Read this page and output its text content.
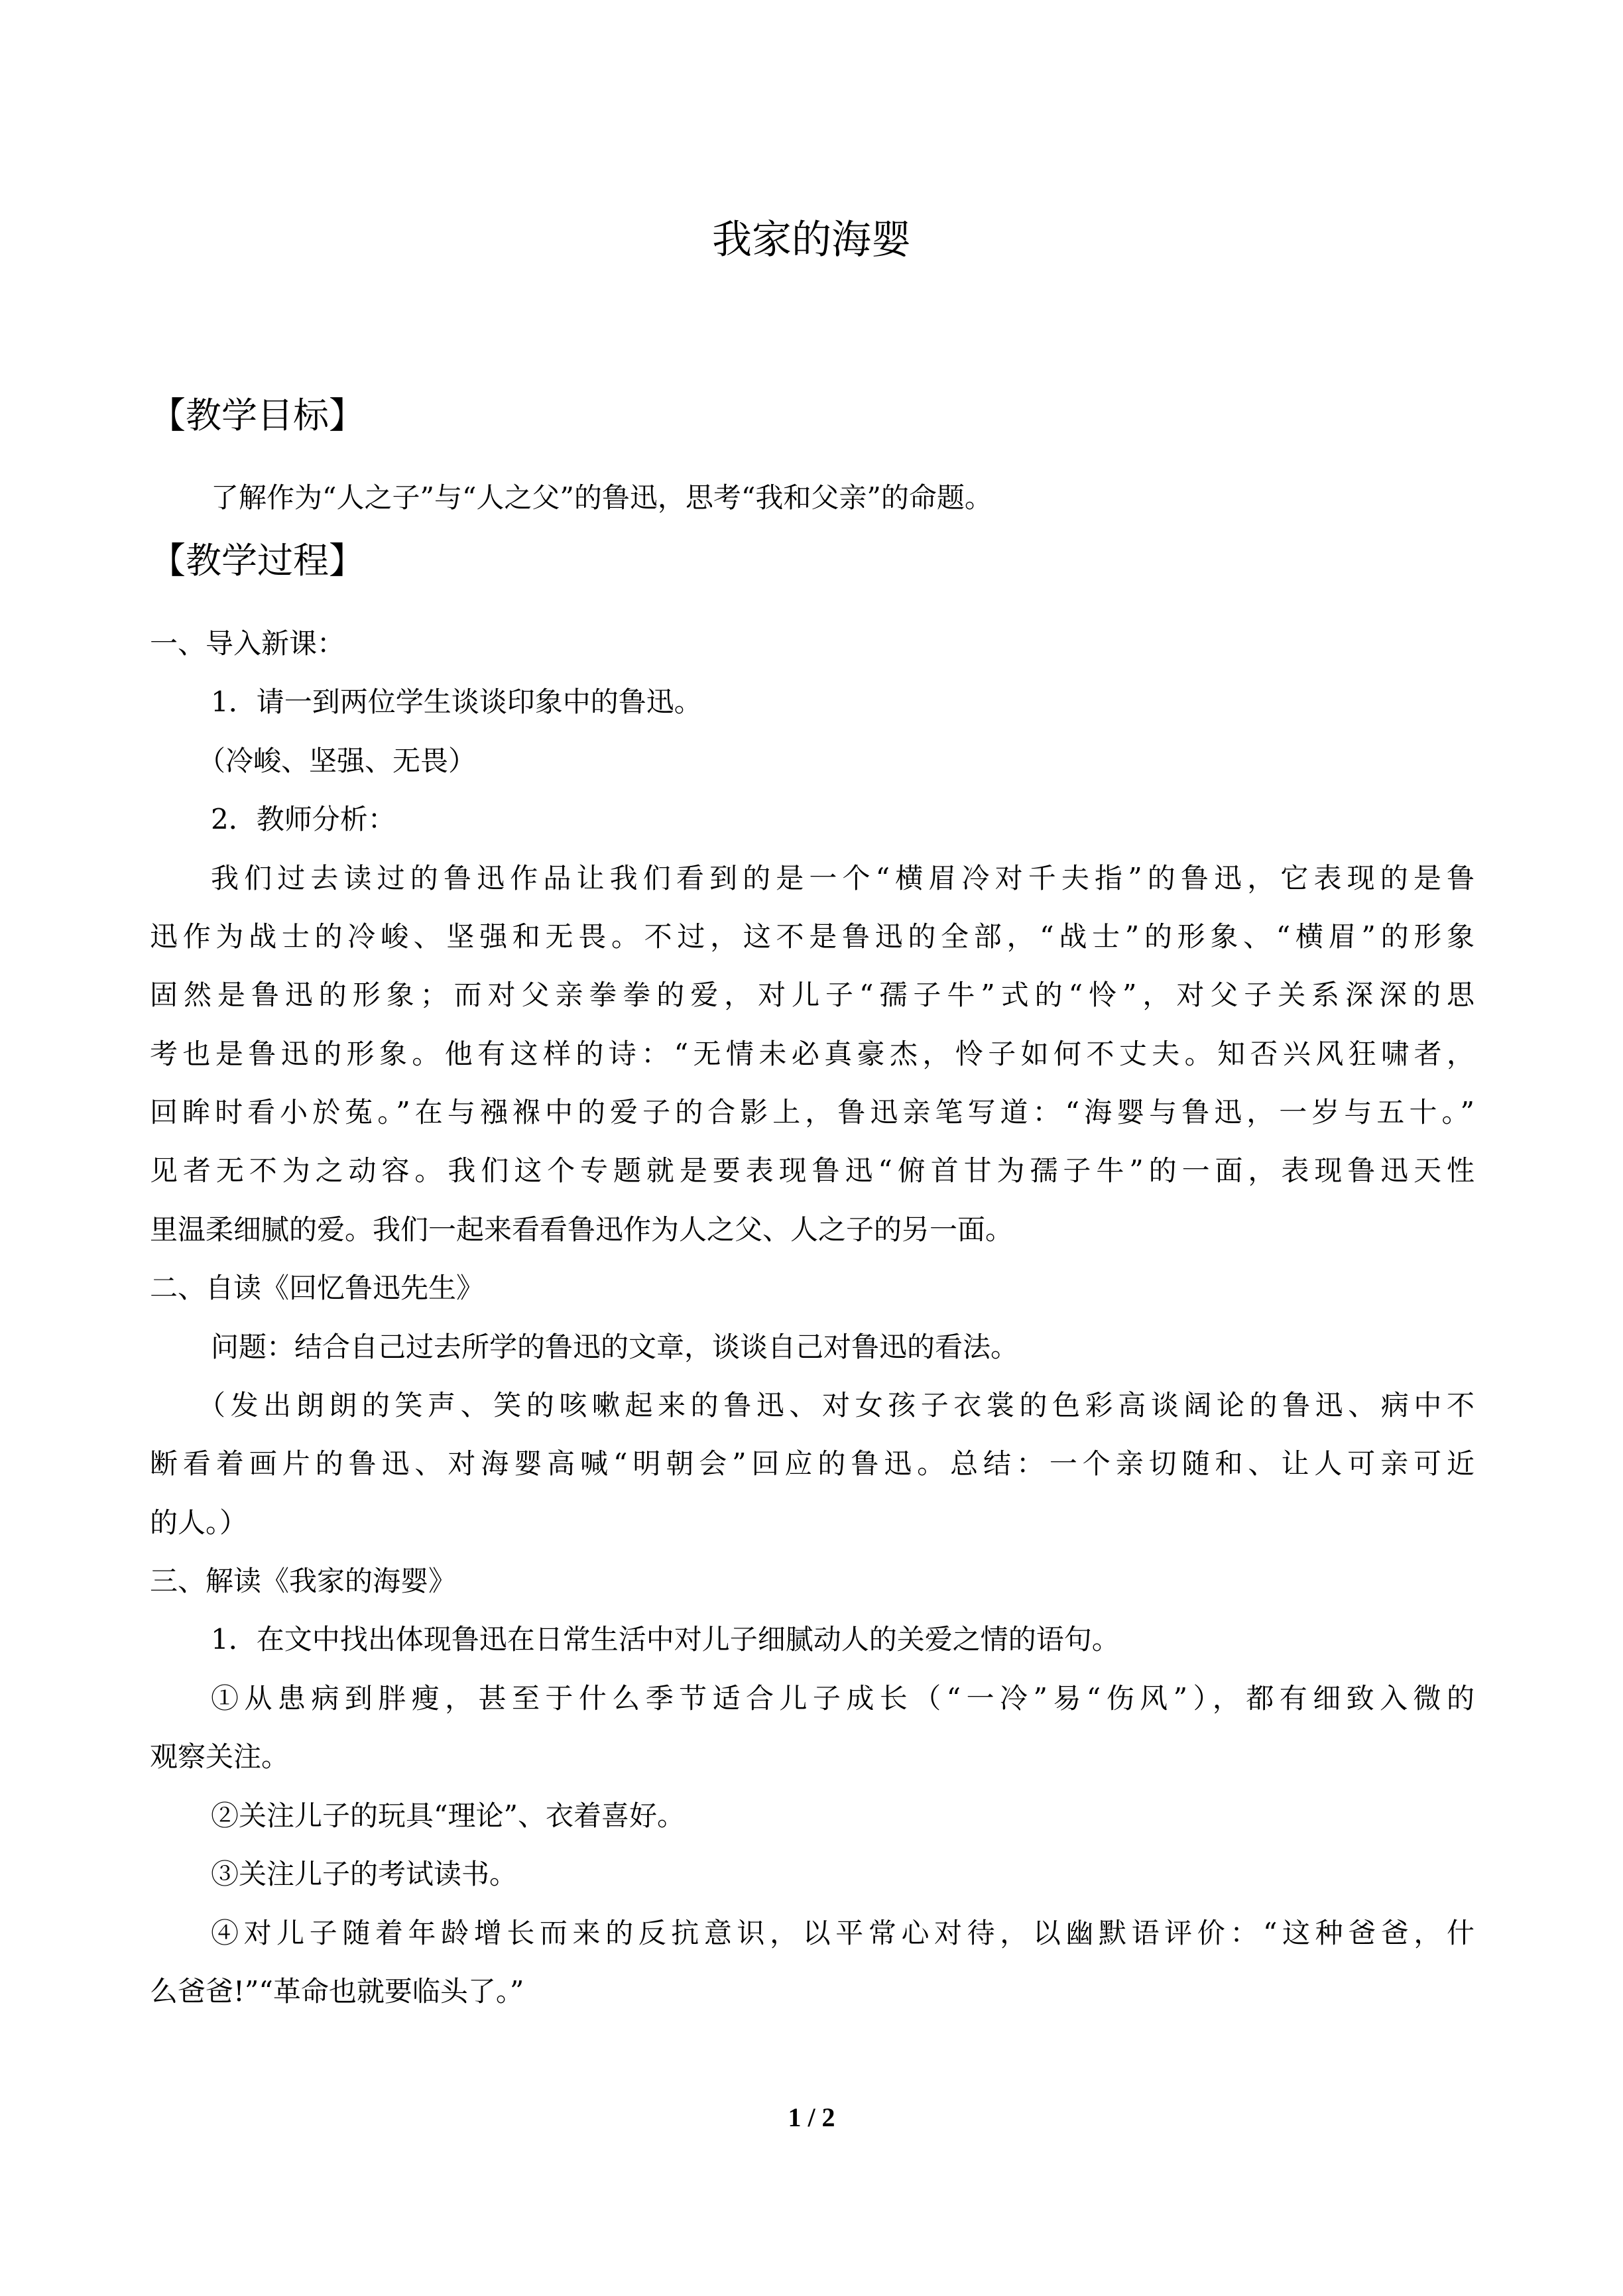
我家的海婴
【教学目标】
了解作为“人之子”与“人之父”的鲁迅，思考“我和父亲”的命题。
【教学过程】
一、导入新课：
1．请一到两位学生谈谈印象中的鲁迅。
（冷峻、坚强、无畏）
2．教师分析：
我们过去读过的鲁迅作品让我们看到的是一个“横眉冷对千夫指”的鲁迅，它表现的是鲁
迅作为战士的冷峻、坚强和无畏。不过，这不是鲁迅的全部，“战士”的形象、“横眉”的形象
固然是鲁迅的形象；而对父亲拳拳的爱，对儿子“孺子牛”式的“怜”，对父子关系深深的思
考也是鲁迅的形象。他有这样的诗：“无情未必真豪杰，怜子如何不丈夫。知否兴风狂啸者，
回眸时看小於菟。”在与襁褓中的爱子的合影上，鲁迅亲笔写道：“海婴与鲁迅，一岁与五十。”
见者无不为之动容。我们这个专题就是要表现鲁迅“俯首甘为孺子牛”的一面，表现鲁迅天性
里温柔细腻的爱。我们一起来看看鲁迅作为人之父、人之子的另一面。
二、自读《回忆鲁迅先生》
问题：结合自己过去所学的鲁迅的文章，谈谈自己对鲁迅的看法。
（发出朗朗的笑声、笑的咳嗽起来的鲁迅、对女孩子衣裳的色彩高谈阔论的鲁迅、病中不
断看着画片的鲁迅、对海婴高喊“明朝会”回应的鲁迅。总结：一个亲切随和、让人可亲可近
的人。）
三、解读《我家的海婴》
1．在文中找出体现鲁迅在日常生活中对儿子细腻动人的关爱之情的语句。
①从患病到胖瘦，甚至于什么季节适合儿子成长（“一冷”易“伤风”），都有细致入微的
观察关注。
②关注儿子的玩具“理论”、衣着喜好。
③关注儿子的考试读书。
④对儿子随着年龄增长而来的反抗意识，以平常心对待，以幽默语评价：“这种爸爸，什
么爸爸!”“革命也就要临头了。”
1 / 2
